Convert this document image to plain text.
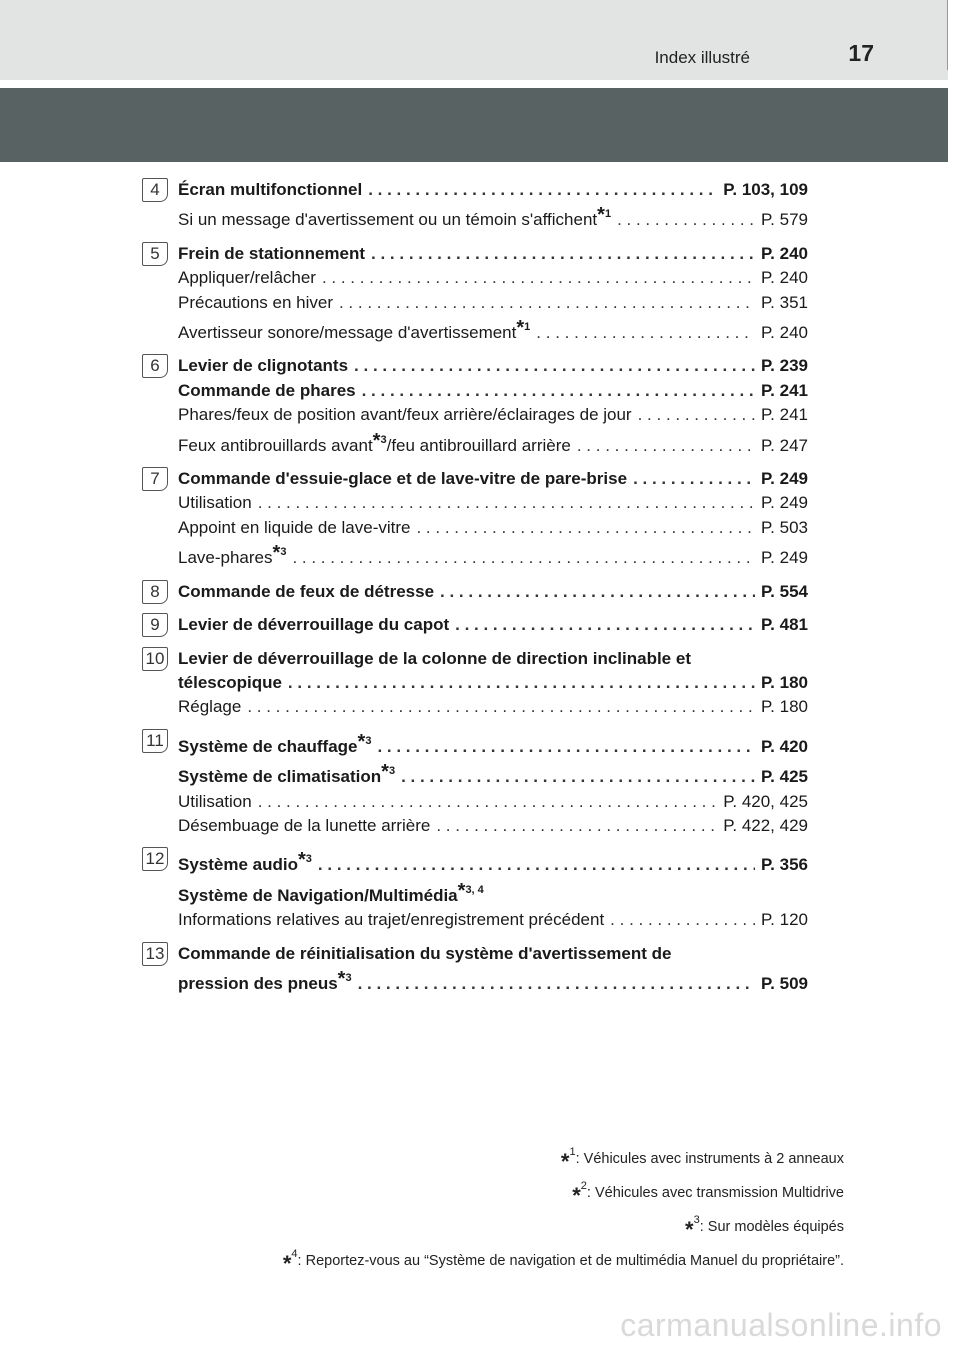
Index illustré	17
4	Écran multifonctionnel . . .	P. 103, 109
Si un message d'avertissement ou un témoin s'affichent$^{*1}$ . . .	P. 579
5	Frein de stationnement . . .	P. 240
Appliquer/relâcher . . .	P. 240
Précautions en hiver . . .	P. 351
Avertisseur sonore/message d'avertissement$^{*1}$ . . .	P. 240
6	Levier de clignotants . . .	P. 239
Commande de phares . . .	P. 241
Phares/feux de position avant/feux arrière/éclairages de jour . . .	P. 241
Feux antibrouillards avant$^{*3}$/feu antibrouillard arrière . . .	P. 247
7	Commande d'essuie-glace et de lave-vitre de pare-brise . . .	P. 249
Utilisation . . .	P. 249
Appoint en liquide de lave-vitre . . .	P. 503
Lave-phares$^{*3}$ . . .	P. 249
8	Commande de feux de détresse . . .	P. 554
9	Levier de déverrouillage du capot . . .	P. 481
10 Levier de déverrouillage de la colonne de direction inclinable et
télescopique . . .	P. 180
Réglage . . .	P. 180
11 Système de chauffage$^{*3}$ . . .	P. 420
Système de climatisation$^{*3}$ . . .	P. 425
Utilisation . . .	P. 420, 425
Désembuage de la lunette arrière . . .	P. 422, 429
12 Système audio$^{*3}$ . . .	P. 356
Système de Navigation/Multimédia$^{*3, 4}$
Informations relatives au trajet/enregistrement précédent . . .	P. 120
13 Commande de réinitialisation du système d'avertissement de
pression des pneus$^{*3}$ . . .	P. 509
*$^1$: Véhicules avec instruments à 2 anneaux
*$^2$: Véhicules avec transmission Multidrive
*$^3$: Sur modèles équipés
*$^4$: Reportez-vous au “Système de navigation et de multimédia Manuel du propriétaire”.
carmanualsonline.info
